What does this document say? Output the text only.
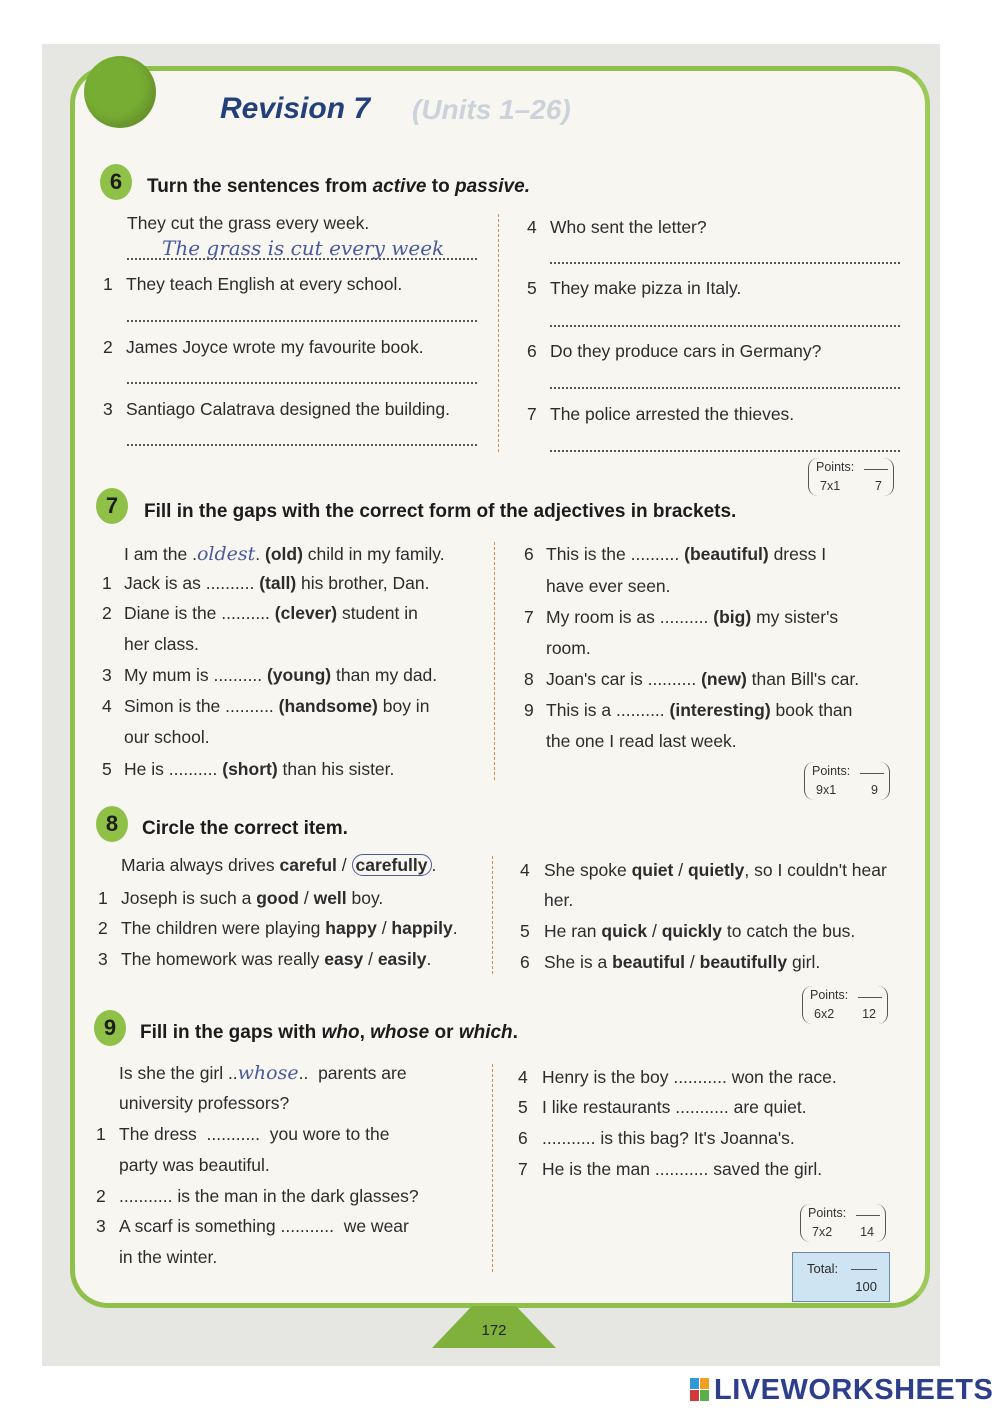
Revision 7 (Units 1–26)
6	Turn the sentences from active to passive.
They cut the grass every week.
The grass is cut every week
1 They teach English at every school.
2 James Joyce wrote my favourite book.
3 Santiago Calatrava designed the building.
4 Who sent the letter?
5 They make pizza in Italy.
6 Do they produce cars in Germany?
7 The police arrested the thieves.
Points:
7x1	7
7	Fill in the gaps with the correct form of the adjectives in brackets.
I am the .oldest. (old) child in my family.
1 Jack is as .......... (tall) his brother, Dan.
2 Diane is the .......... (clever) student in
her class.
3 My mum is .......... (young) than my dad.
4 Simon is the .......... (handsome) boy in
our school.
5 He is .......... (short) than his sister.
6 This is the .......... (beautiful) dress I
have ever seen.
7 My room is as .......... (big) my sister's
room.
8 Joan's car is .......... (new) than Bill's car.
9 This is a .......... (interesting) book than
the one I read last week.
Points:
9x1	9
8	Circle the correct item.
Maria always drives careful / carefully .
1 Joseph is such a good / well boy.
2 The children were playing happy / happily.
3 The homework was really easy / easily.
4 She spoke quiet / quietly, so I couldn't hear
her.
5 He ran quick / quickly to catch the bus.
6 She is a beautiful / beautifully girl.
Points:
6x2 12
9	Fill in the gaps with who, whose or which.
Is she the girl ..whose..  parents are
university professors?
1 The dress ........... you wore to the
party was beautiful.
2 ........... is the man in the dark glasses?
3 A scarf is something ........... we wear
in the winter.
4 Henry is the boy ........... won the race.
5 I like restaurants ........... are quiet.
6 ........... is this bag? It's Joanna's.
7 He is the man ........... saved the girl.
Points:
7x2 14
Total:
100
172
LIVEWORKSHEETS
